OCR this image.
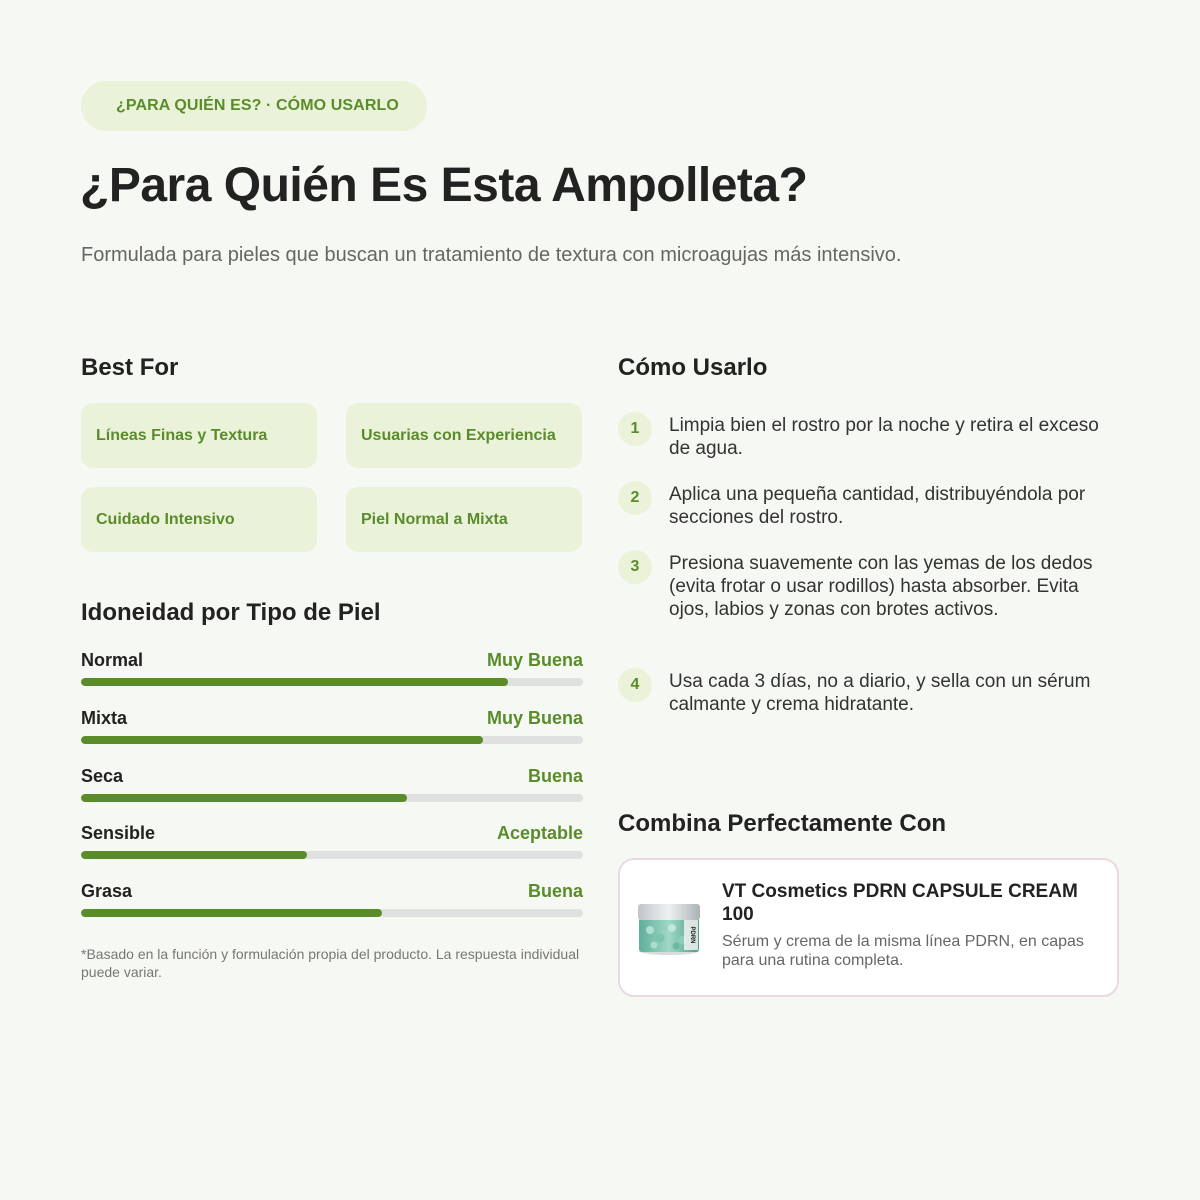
¿PARA QUIÉN ES? · CÓMO USARLO
¿Para Quién Es Esta Ampolleta?

Formulada para pieles que buscan un tratamiento de textura con microagujas más intensivo.

Best For
Líneas Finas y Textura	Usuarias con Experiencia
Cuidado Intensivo	Piel Normal a Mixta
Idoneidad por Tipo de Piel
Normal	Muy Buena
Mixta	Muy Buena
Seca	Buena
Sensible	Aceptable
Grasa	Buena

*Basado en la función y formulación propia del producto. La respuesta individual puede variar.

Cómo Usarlo
1	Limpia bien el rostro por la noche y retira el exceso de agua.

2	Aplica una pequeña cantidad, distribuyéndola por secciones del rostro.

3	Presiona suavemente con las yemas de los dedos (evita frotar o usar rodillos) hasta absorber. Evita ojos, labios y zonas con brotes activos.

4	Usa cada 3 días, no a diario, y sella con un sérum calmante y crema hidratante.

Combina Perfectamente Con
PDRN

VT Cosmetics PDRN CAPSULE CREAM 100

Sérum y crema de la misma línea PDRN, en capas para una rutina completa.
